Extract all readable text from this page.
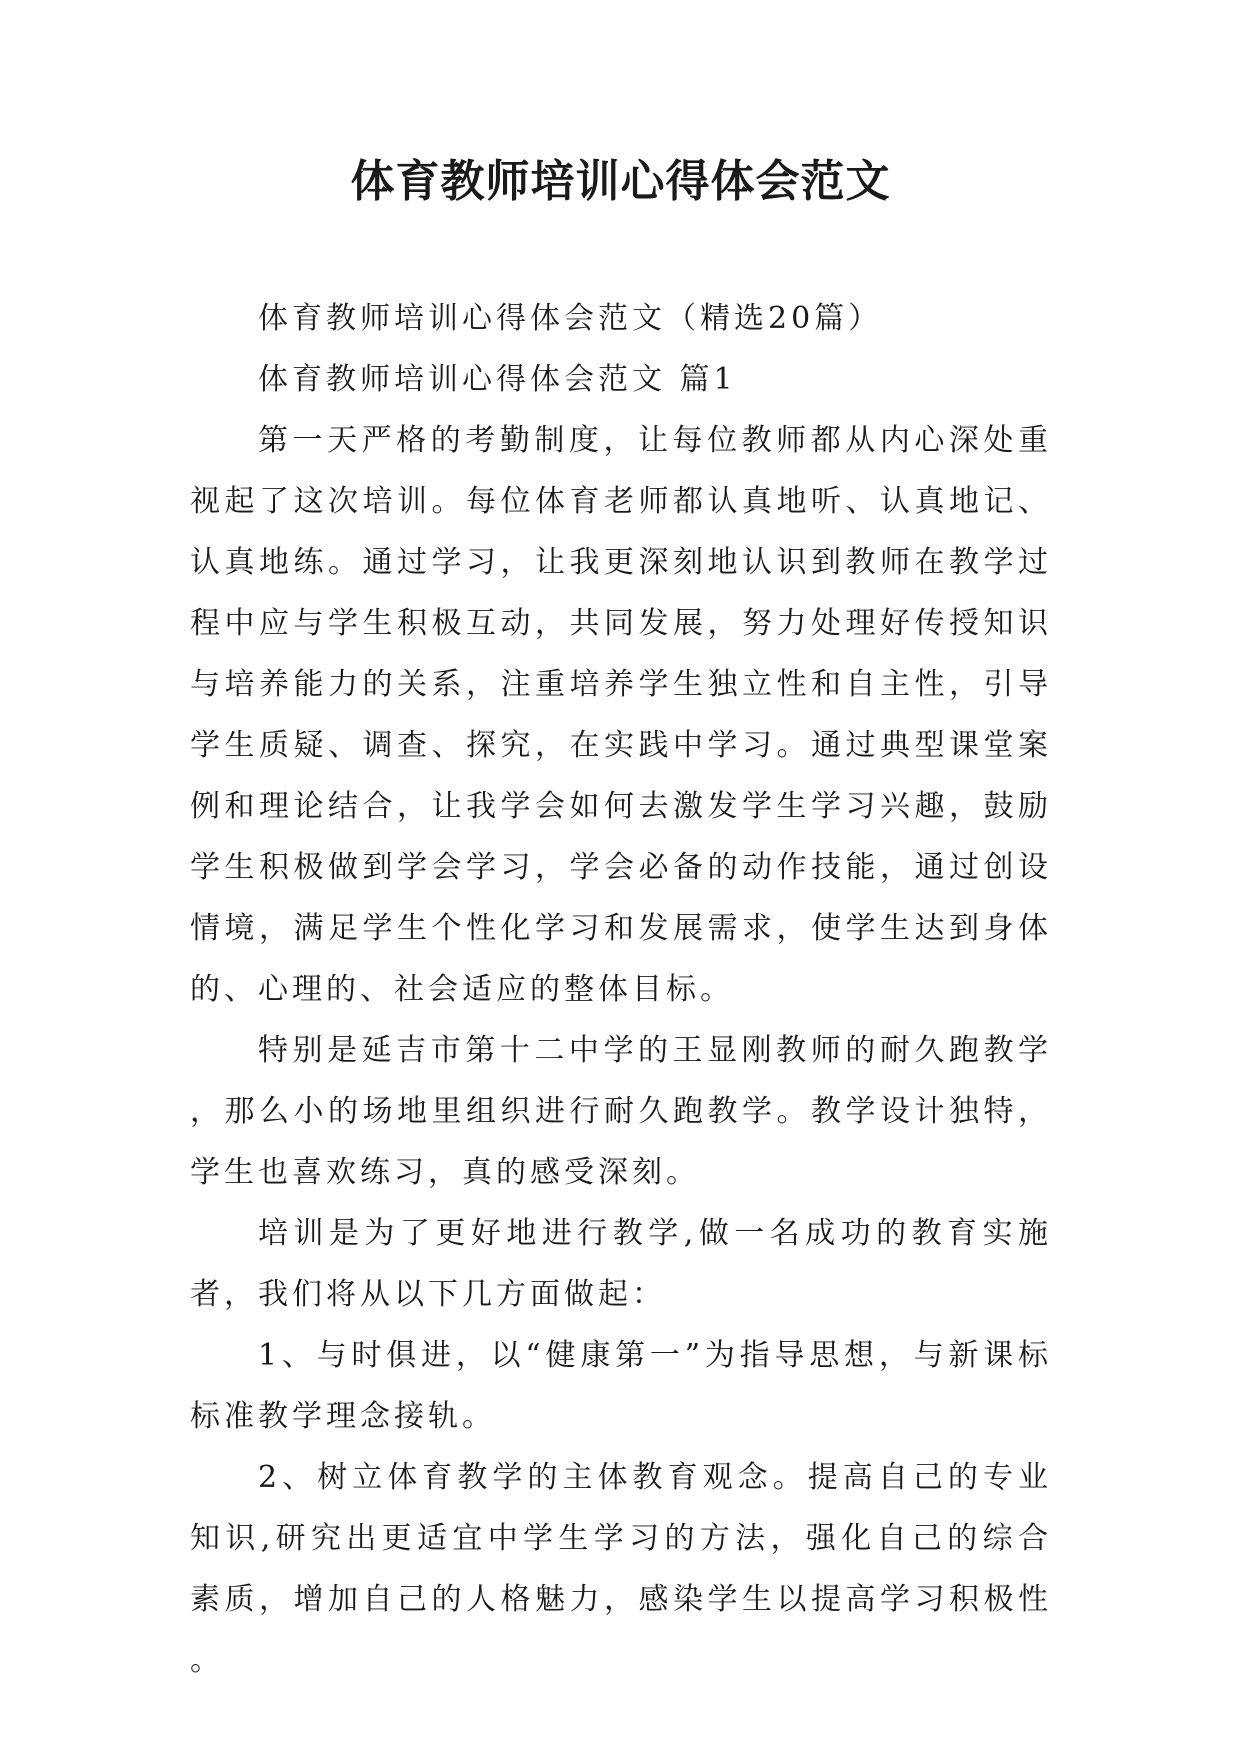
体育教师培训心得体会范文

体育教师培训心得体会范文（精选20篇）

体育教师培训心得体会范文 篇1

第一天严格的考勤制度，让每位教师都从内心深处重视起了这次培训。每位体育老师都认真地听、认真地记、认真地练。通过学习，让我更深刻地认识到教师在教学过程中应与学生积极互动，共同发展，努力处理好传授知识与培养能力的关系，注重培养学生独立性和自主性，引导学生质疑、调查、探究，在实践中学习。通过典型课堂案例和理论结合，让我学会如何去激发学生学习兴趣，鼓励学生积极做到学会学习，学会必备的动作技能，通过创设情境，满足学生个性化学习和发展需求，使学生达到身体的、心理的、社会适应的整体目标。

特别是延吉市第十二中学的王显刚教师的耐久跑教学，那么小的场地里组织进行耐久跑教学。教学设计独特，学生也喜欢练习，真的感受深刻。

培训是为了更好地进行教学,做一名成功的教育实施者，我们将从以下几方面做起：

1、与时俱进，以“健康第一”为指导思想，与新课标标准教学理念接轨。

2、树立体育教学的主体教育观念。提高自己的专业知识,研究出更适宜中学生学习的方法，强化自己的综合素质，增加自己的人格魅力，感染学生以提高学习积极性。
